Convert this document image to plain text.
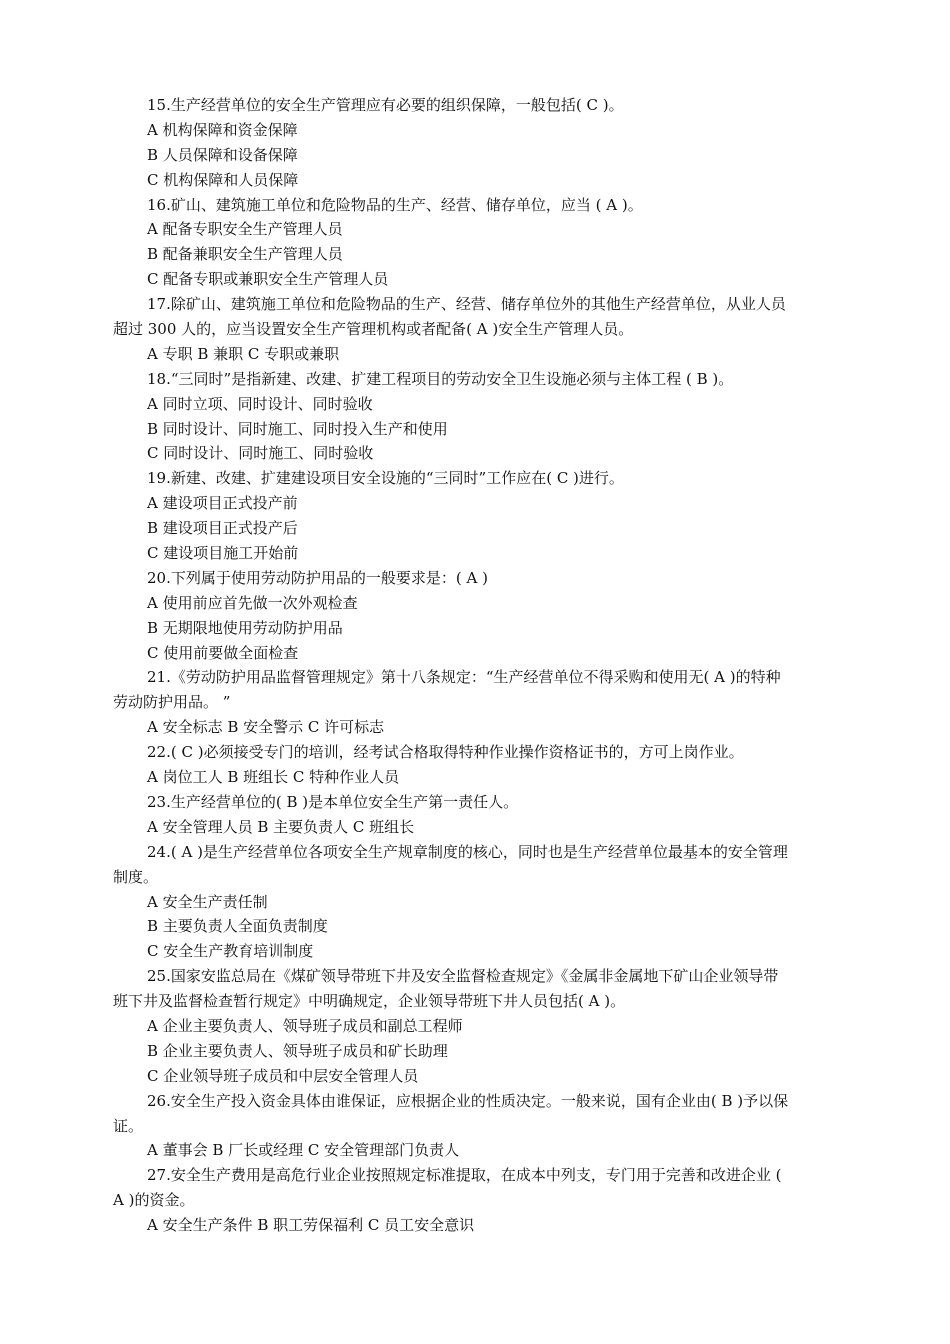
15.生产经营单位的安全生产管理应有必要的组织保障，一般包括( C )。
A 机构保障和资金保障
B 人员保障和设备保障
C 机构保障和人员保障
16.矿山、建筑施工单位和危险物品的生产、经营、储存单位，应当 ( A )。
A 配备专职安全生产管理人员
B 配备兼职安全生产管理人员
C 配备专职或兼职安全生产管理人员
17.除矿山、建筑施工单位和危险物品的生产、经营、储存单位外的其他生产经营单位，从业人员
超过 300 人的，应当设置安全生产管理机构或者配备( A )安全生产管理人员。
A 专职 B 兼职 C 专职或兼职
18.“三同时”是指新建、改建、扩建工程项目的劳动安全卫生设施必须与主体工程 ( B )。
A 同时立项、同时设计、同时验收
B 同时设计、同时施工、同时投入生产和使用
C 同时设计、同时施工、同时验收
19.新建、改建、扩建建设项目安全设施的“三同时”工作应在( C )进行。
A 建设项目正式投产前
B 建设项目正式投产后
C 建设项目施工开始前
20.下列属于使用劳动防护用品的一般要求是：( A )
A 使用前应首先做一次外观检查
B 无期限地使用劳动防护用品
C 使用前要做全面检查
21.《劳动防护用品监督管理规定》第十八条规定：“生产经营单位不得采购和使用无( A )的特种
劳动防护用品。 ”
A 安全标志 B 安全警示 C 许可标志
22.( C )必须接受专门的培训，经考试合格取得特种作业操作资格证书的，方可上岗作业。
A 岗位工人 B 班组长 C 特种作业人员
23.生产经营单位的( B )是本单位安全生产第一责任人。
A 安全管理人员 B 主要负责人 C 班组长
24.( A )是生产经营单位各项安全生产规章制度的核心，同时也是生产经营单位最基本的安全管理
制度。
A 安全生产责任制
B 主要负责人全面负责制度
C 安全生产教育培训制度
25.国家安监总局在《煤矿领导带班下井及安全监督检查规定》《金属非金属地下矿山企业领导带
班下井及监督检查暂行规定》中明确规定，企业领导带班下井人员包括( A )。
A 企业主要负责人、领导班子成员和副总工程师
B 企业主要负责人、领导班子成员和矿长助理
C 企业领导班子成员和中层安全管理人员
26.安全生产投入资金具体由谁保证，应根据企业的性质决定。一般来说，国有企业由( B )予以保
证。
A 董事会 B 厂长或经理 C 安全管理部门负责人
27.安全生产费用是高危行业企业按照规定标准提取，在成本中列支，专门用于完善和改进企业 (
A )的资金。
A 安全生产条件 B 职工劳保福利 C 员工安全意识
